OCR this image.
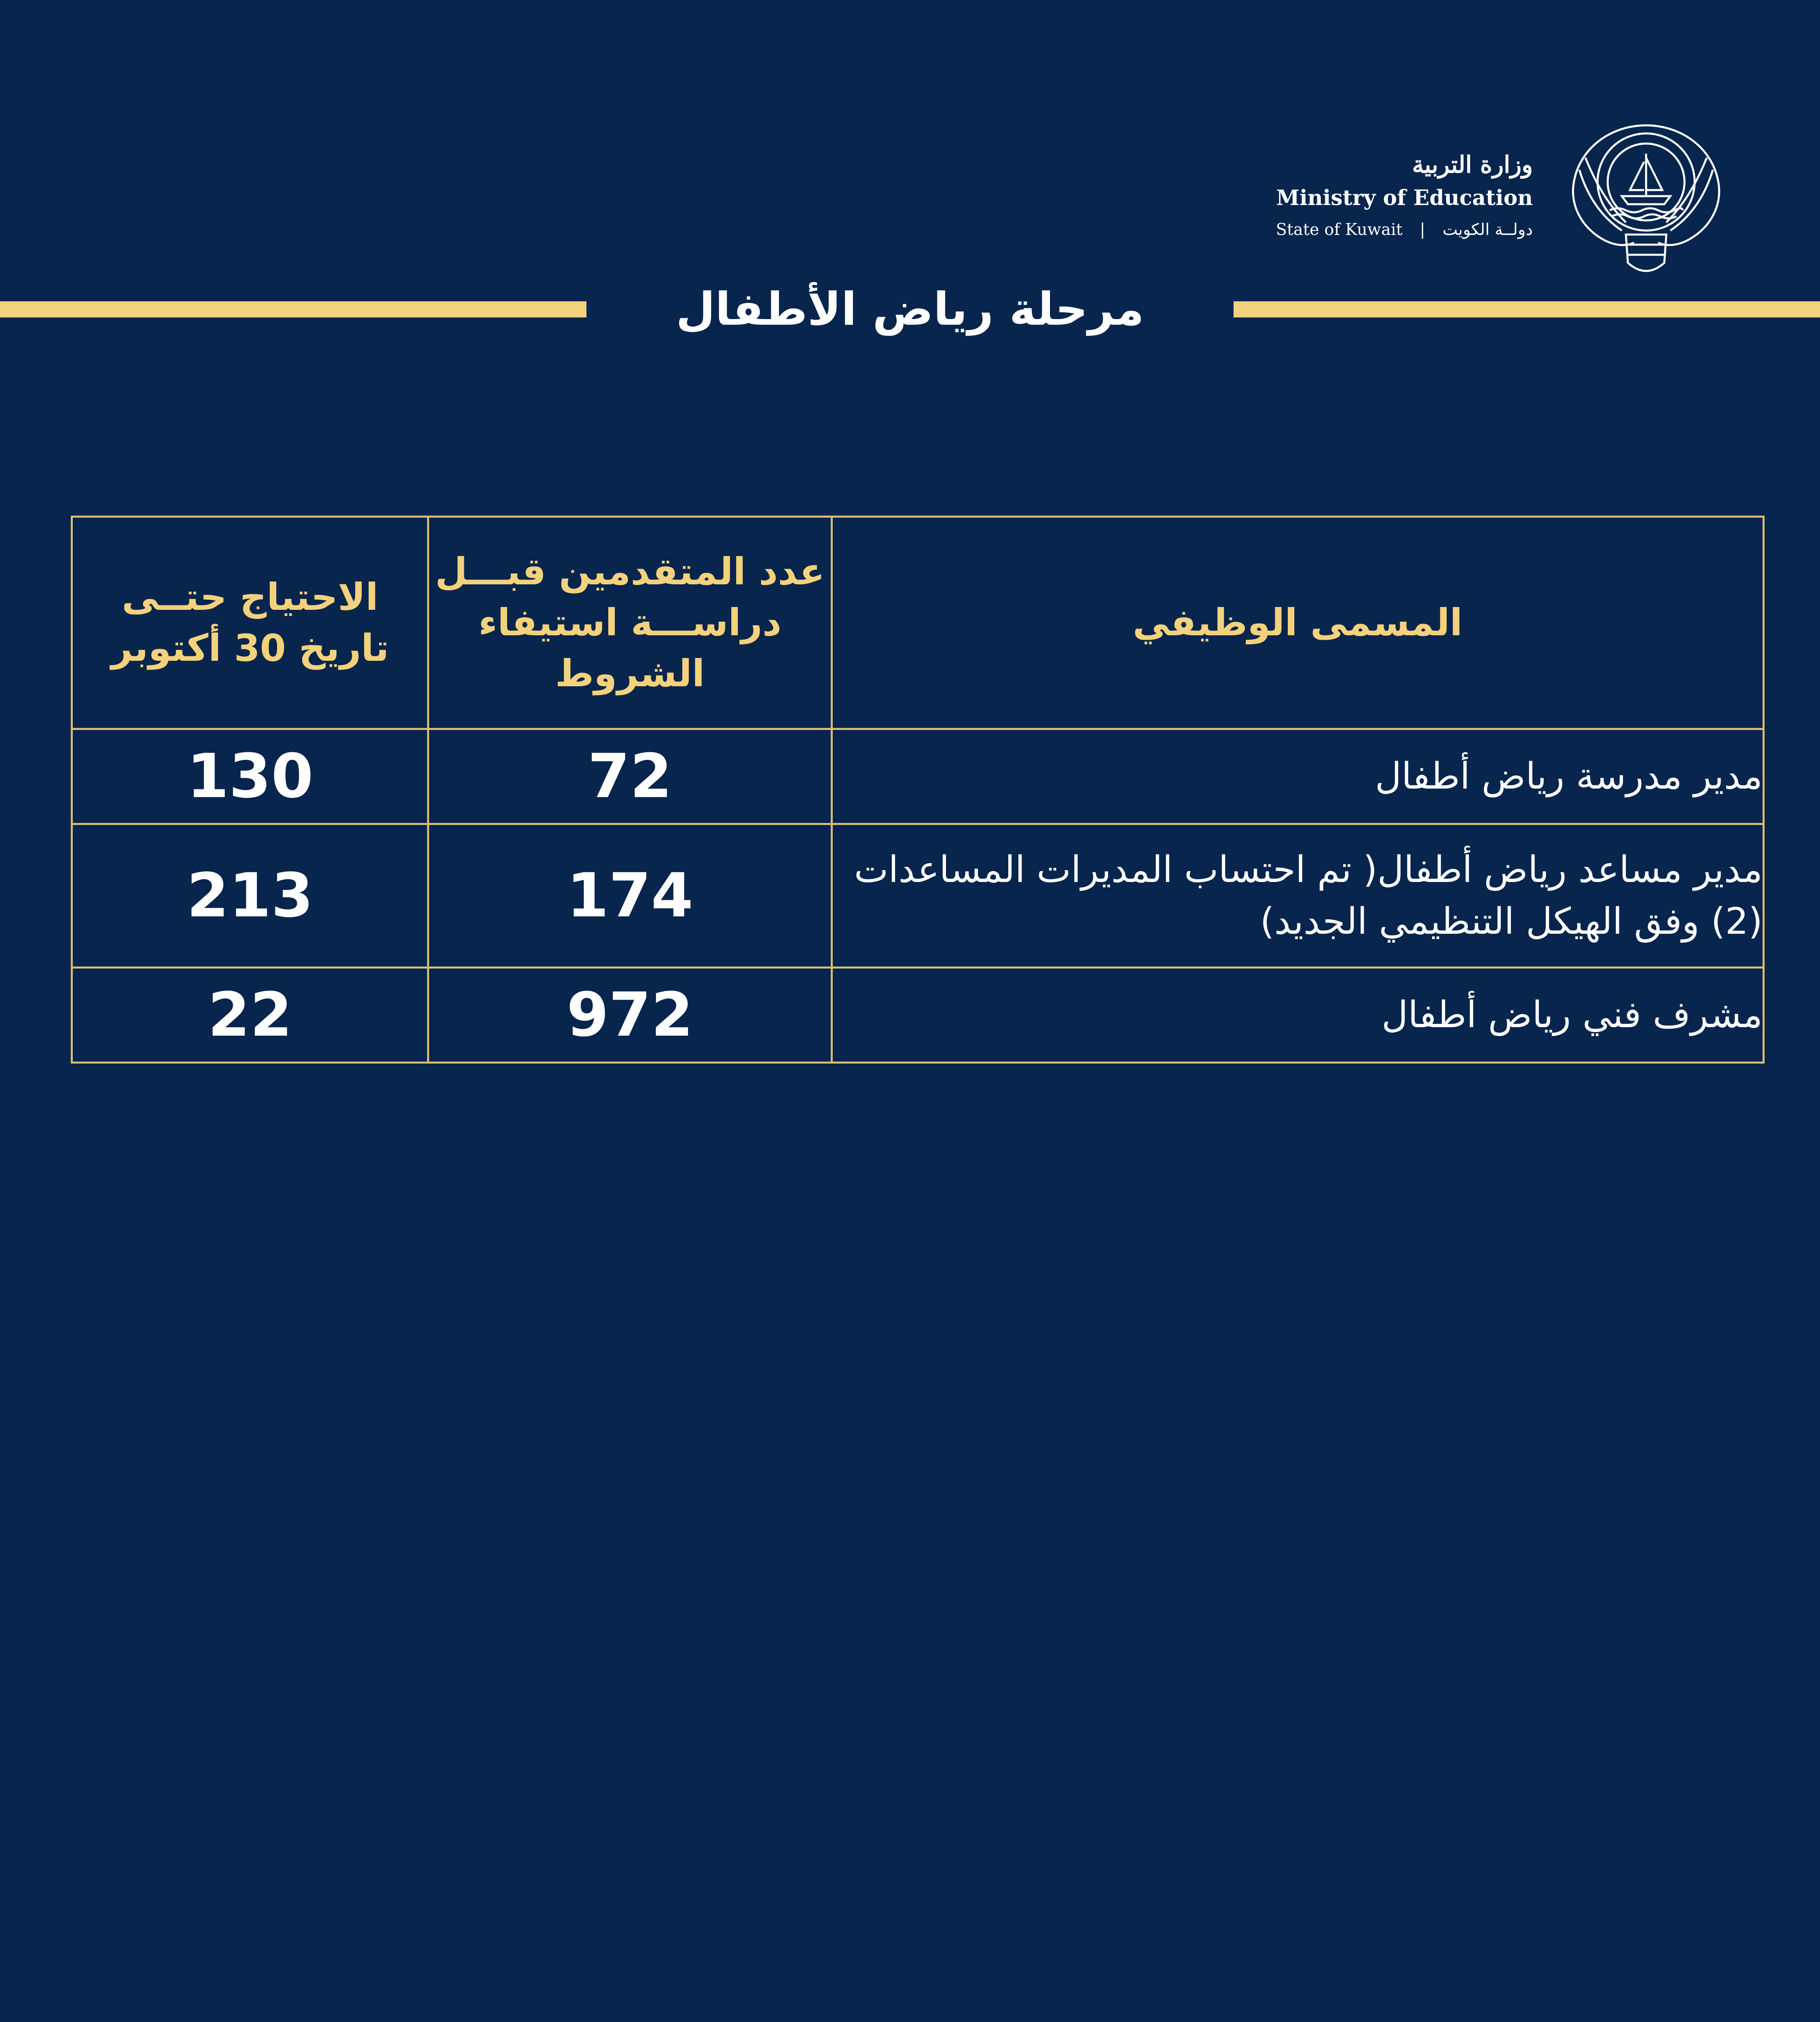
وزارة التربية
Ministry of Education
State of Kuwait | دولــة الكويت
مرحلة رياض الأطفال
المسمى الوظيفي	عدد المتقدمين قبـــل دراســـة استيفاء الشروط	الاحتياج حتــى تاريخ 30 أكتوبر
مدير مدرسة رياض أطفال	72	130
مدير مساعد رياض أطفال( تم احتساب المديرات المساعدات (2) وفق الهيكل التنظيمي الجديد)	174	213
مشرف فني رياض أطفال	972	22
